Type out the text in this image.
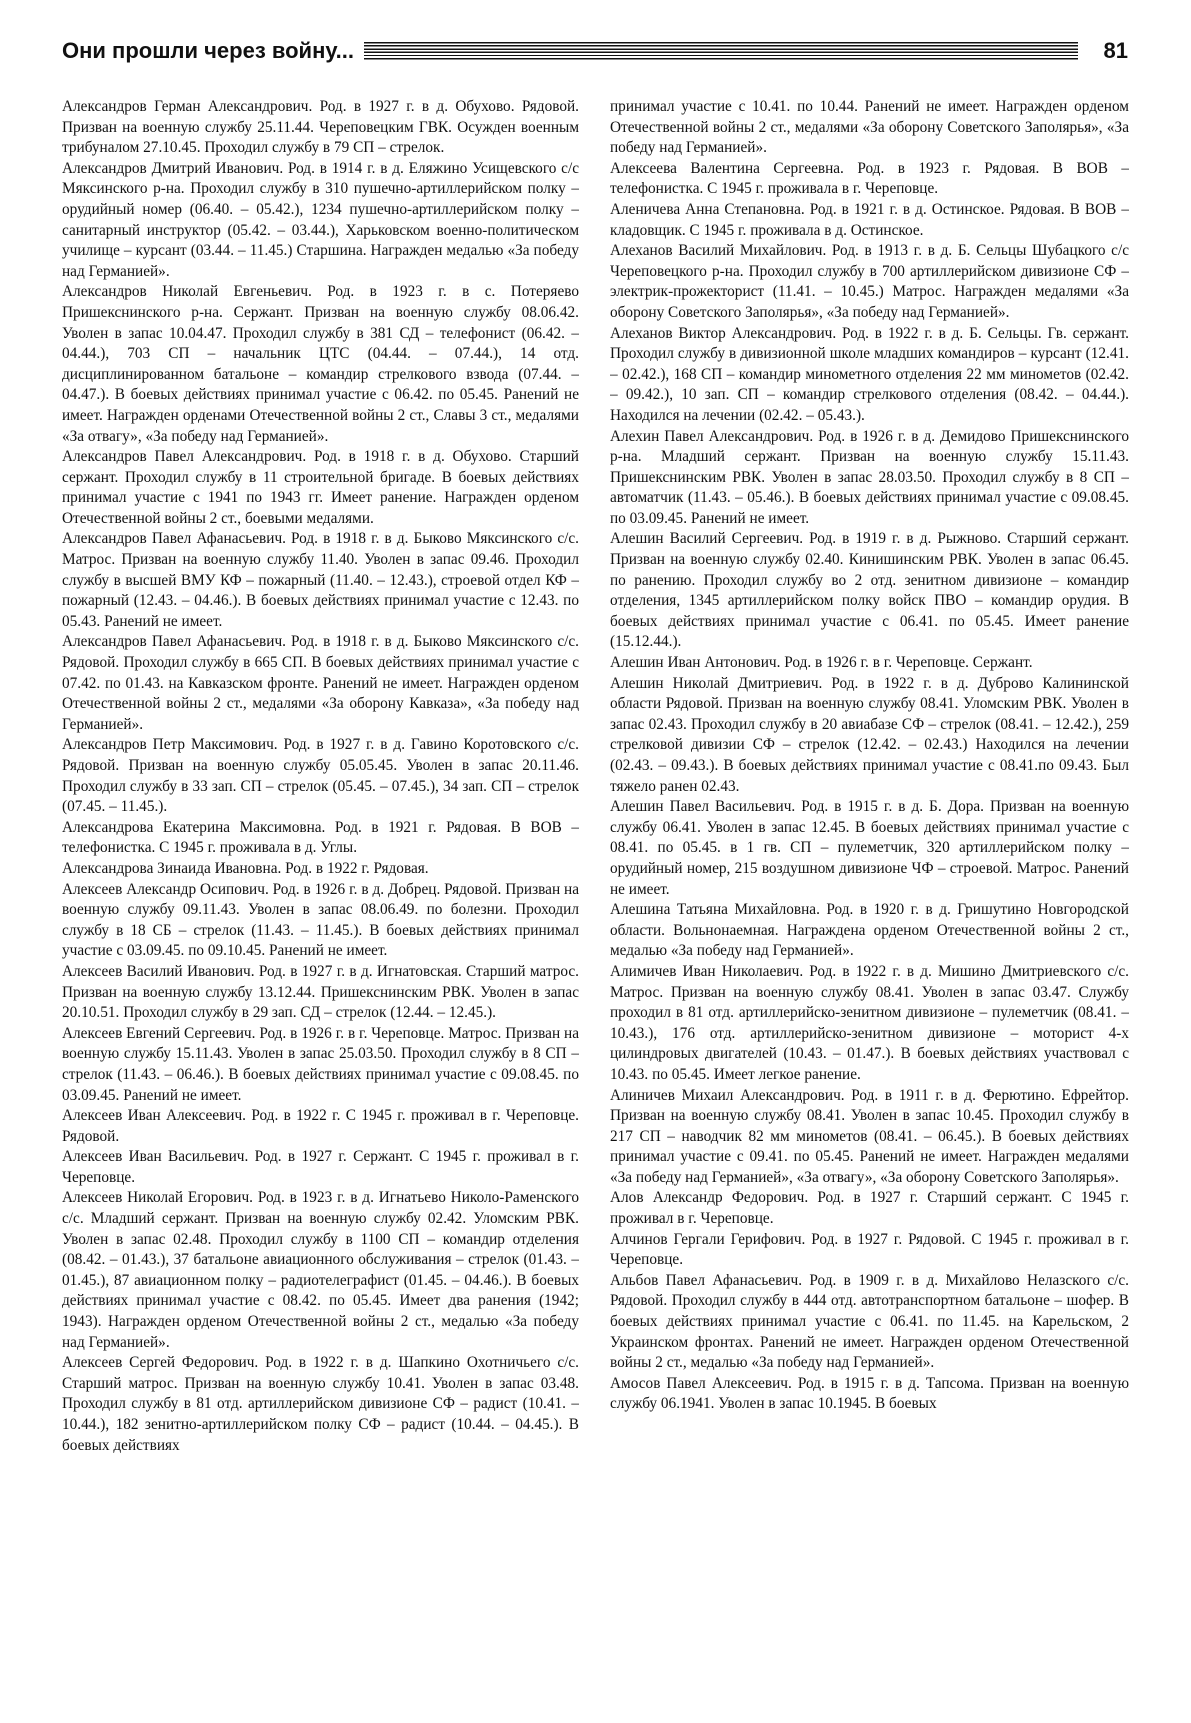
Они прошли через войну...	81

Александров Герман Александрович. Род. в 1927 г. в д. Обухово. Рядовой. Призван на военную службу 25.11.44. Череповецким ГВК. Осужден военным трибуналом 27.10.45. Проходил службу в 79 СП – стрелок.

Александров Дмитрий Иванович. Род. в 1914 г. в д. Еляжино Усищевского с/с Мяксинского р-на. Проходил службу в 310 пушечно-артиллерийском полку – орудийный номер (06.40. – 05.42.), 1234 пушечно-артиллерийском полку – санитарный инструктор (05.42. – 03.44.), Харьковском военно-политическом училище – курсант (03.44. – 11.45.) Старшина. Награжден медалью «За победу над Германией».

Александров Николай Евгеньевич. Род. в 1923 г. в с. Потеряево Пришекснинского р-на. Сержант. Призван на военную службу 08.06.42. Уволен в запас 10.04.47. Проходил службу в 381 СД – телефонист (06.42. – 04.44.), 703 СП – начальник ЦТС (04.44. – 07.44.), 14 отд. дисциплинированном батальоне – командир стрелкового взвода (07.44. – 04.47.). В боевых действиях принимал участие с 06.42. по 05.45. Ранений не имеет. Награжден орденами Отечественной войны 2 ст., Славы 3 ст., медалями «За отвагу», «За победу над Германией».

Александров Павел Александрович. Род. в 1918 г. в д. Обухово. Старший сержант. Проходил службу в 11 строительной бригаде. В боевых действиях принимал участие с 1941 по 1943 гг. Имеет ранение. Награжден орденом Отечественной войны 2 ст., боевыми медалями.

Александров Павел Афанасьевич. Род. в 1918 г. в д. Быково Мяксинского с/с. Матрос. Призван на военную службу 11.40. Уволен в запас 09.46. Проходил службу в высшей ВМУ КФ – пожарный (11.40. – 12.43.), строевой отдел КФ – пожарный (12.43. – 04.46.). В боевых действиях принимал участие с 12.43. по 05.43. Ранений не имеет.

Александров Павел Афанасьевич. Род. в 1918 г. в д. Быково Мяксинского с/с. Рядовой. Проходил службу в 665 СП. В боевых действиях принимал участие с 07.42. по 01.43. на Кавказском фронте. Ранений не имеет. Награжден орденом Отечественной войны 2 ст., медалями «За оборону Кавказа», «За победу над Германией».

Александров Петр Максимович. Род. в 1927 г. в д. Гавино Коротовского с/с. Рядовой. Призван на военную службу 05.05.45. Уволен в запас 20.11.46. Проходил службу в 33 зап. СП – стрелок (05.45. – 07.45.), 34 зап. СП – стрелок (07.45. – 11.45.).

Александрова Екатерина Максимовна. Род. в 1921 г. Рядовая. В ВОВ – телефонистка. С 1945 г. проживала в д. Углы.

Александрова Зинаида Ивановна. Род. в 1922 г. Рядовая.

Алексеев Александр Осипович. Род. в 1926 г. в д. Добрец. Рядовой. Призван на военную службу 09.11.43. Уволен в запас 08.06.49. по болезни. Проходил службу в 18 СБ – стрелок (11.43. – 11.45.). В боевых действиях принимал участие с 03.09.45. по 09.10.45. Ранений не имеет.

Алексеев Василий Иванович. Род. в 1927 г. в д. Игнатовская. Старший матрос. Призван на военную службу 13.12.44. Пришекснинским РВК. Уволен в запас 20.10.51. Проходил службу в 29 зап. СД – стрелок (12.44. – 12.45.).

Алексеев Евгений Сергеевич. Род. в 1926 г. в г. Череповце. Матрос. Призван на военную службу 15.11.43. Уволен в запас 25.03.50. Проходил службу в 8 СП – стрелок (11.43. – 06.46.). В боевых действиях принимал участие с 09.08.45. по 03.09.45. Ранений не имеет.

Алексеев Иван Алексеевич. Род. в 1922 г. С 1945 г. проживал в г. Череповце. Рядовой.

Алексеев Иван Васильевич. Род. в 1927 г. Сержант. С 1945 г. проживал в г. Череповце.

Алексеев Николай Егорович. Род. в 1923 г. в д. Игнатьево Николо-Раменского с/с. Младший сержант. Призван на военную службу 02.42. Уломским РВК. Уволен в запас 02.48. Проходил службу в 1100 СП – командир отделения (08.42. – 01.43.), 37 батальоне авиационного обслуживания – стрелок (01.43. – 01.45.), 87 авиационном полку – радиотелеграфист (01.45. – 04.46.). В боевых действиях принимал участие с 08.42. по 05.45. Имеет два ранения (1942; 1943). Награжден орденом Отечественной войны 2 ст., медалью «За победу над Германией».

Алексеев Сергей Федорович. Род. в 1922 г. в д. Шапкино Охотничьего с/с. Старший матрос. Призван на военную службу 10.41. Уволен в запас 03.48. Проходил службу в 81 отд. артиллерийском дивизионе СФ – радист (10.41. – 10.44.), 182 зенитно-артиллерийском полку СФ – радист (10.44. – 04.45.). В боевых действиях

принимал участие с 10.41. по 10.44. Ранений не имеет. Награжден орденом Отечественной войны 2 ст., медалями «За оборону Советского Заполярья», «За победу над Германией».

Алексеева Валентина Сергеевна. Род. в 1923 г. Рядовая. В ВОВ – телефонистка. С 1945 г. проживала в г. Череповце.

Аленичева Анна Степановна. Род. в 1921 г. в д. Остинское. Рядовая. В ВОВ – кладовщик. С 1945 г. проживала в д. Остинское.

Алеханов Василий Михайлович. Род. в 1913 г. в д. Б. Сельцы Шубацкого с/с Череповецкого р-на. Проходил службу в 700 артиллерийском дивизионе СФ – электрик-прожекторист (11.41. – 10.45.) Матрос. Награжден медалями «За оборону Советского Заполярья», «За победу над Германией».

Алеханов Виктор Александрович. Род. в 1922 г. в д. Б. Сельцы. Гв. сержант. Проходил службу в дивизионной школе младших командиров – курсант (12.41. – 02.42.), 168 СП – командир минометного отделения 22 мм минометов (02.42. – 09.42.), 10 зап. СП – командир стрелкового отделения (08.42. – 04.44.). Находился на лечении (02.42. – 05.43.).

Алехин Павел Александрович. Род. в 1926 г. в д. Демидово Пришекснинского р-на. Младший сержант. Призван на военную службу 15.11.43. Пришекснинским РВК. Уволен в запас 28.03.50. Проходил службу в 8 СП – автоматчик (11.43. – 05.46.). В боевых действиях принимал участие с 09.08.45. по 03.09.45. Ранений не имеет.

Алешин Василий Сергеевич. Род. в 1919 г. в д. Рыжново. Старший сержант. Призван на военную службу 02.40. Кинишинским РВК. Уволен в запас 06.45. по ранению. Проходил службу во 2 отд. зенитном дивизионе – командир отделения, 1345 артиллерийском полку войск ПВО – командир орудия. В боевых действиях принимал участие с 06.41. по 05.45. Имеет ранение (15.12.44.).

Алешин Иван Антонович. Род. в 1926 г. в г. Череповце. Сержант.

Алешин Николай Дмитриевич. Род. в 1922 г. в д. Дуброво Калининской области Рядовой. Призван на военную службу 08.41. Уломским РВК. Уволен в запас 02.43. Проходил службу в 20 авиабазе СФ – стрелок (08.41. – 12.42.), 259 стрелковой дивизии СФ – стрелок (12.42. – 02.43.) Находился на лечении (02.43. – 09.43.). В боевых действиях принимал участие с 08.41.по 09.43. Был тяжело ранен 02.43.

Алешин Павел Васильевич. Род. в 1915 г. в д. Б. Дора. Призван на военную службу 06.41. Уволен в запас 12.45. В боевых действиях принимал участие с 08.41. по 05.45. в 1 гв. СП – пулеметчик, 320 артиллерийском полку – орудийный номер, 215 воздушном дивизионе ЧФ – строевой. Матрос. Ранений не имеет.

Алешина Татьяна Михайловна. Род. в 1920 г. в д. Гришутино Новгородской области. Вольнонаемная. Награждена орденом Отечественной войны 2 ст., медалью «За победу над Германией».

Алимичев Иван Николаевич. Род. в 1922 г. в д. Мишино Дмитриевского с/с. Матрос. Призван на военную службу 08.41. Уволен в запас 03.47. Службу проходил в 81 отд. артиллерийско-зенитном дивизионе – пулеметчик (08.41. – 10.43.), 176 отд. артиллерийско-зенитном дивизионе – моторист 4-х цилиндровых двигателей (10.43. – 01.47.). В боевых действиях участвовал с 10.43. по 05.45. Имеет легкое ранение.

Алиничев Михаил Александрович. Род. в 1911 г. в д. Ферютино. Ефрейтор. Призван на военную службу 08.41. Уволен в запас 10.45. Проходил службу в 217 СП – наводчик 82 мм минометов (08.41. – 06.45.). В боевых действиях принимал участие с 09.41. по 05.45. Ранений не имеет. Награжден медалями «За победу над Германией», «За отвагу», «За оборону Советского Заполярья».

Алов Александр Федорович. Род. в 1927 г. Старший сержант. С 1945 г. проживал в г. Череповце.

Алчинов Гергали Герифович. Род. в 1927 г. Рядовой. С 1945 г. проживал в г. Череповце.

Альбов Павел Афанасьевич. Род. в 1909 г. в д. Михайлово Нелазского с/с. Рядовой. Проходил службу в 444 отд. автотранспортном батальоне – шофер. В боевых действиях принимал участие с 06.41. по 11.45. на Карельском, 2 Украинском фронтах. Ранений не имеет. Награжден орденом Отечественной войны 2 ст., медалью «За победу над Германией».

Амосов Павел Алексеевич. Род. в 1915 г. в д. Тапсома. Призван на военную службу 06.1941. Уволен в запас 10.1945. В боевых
